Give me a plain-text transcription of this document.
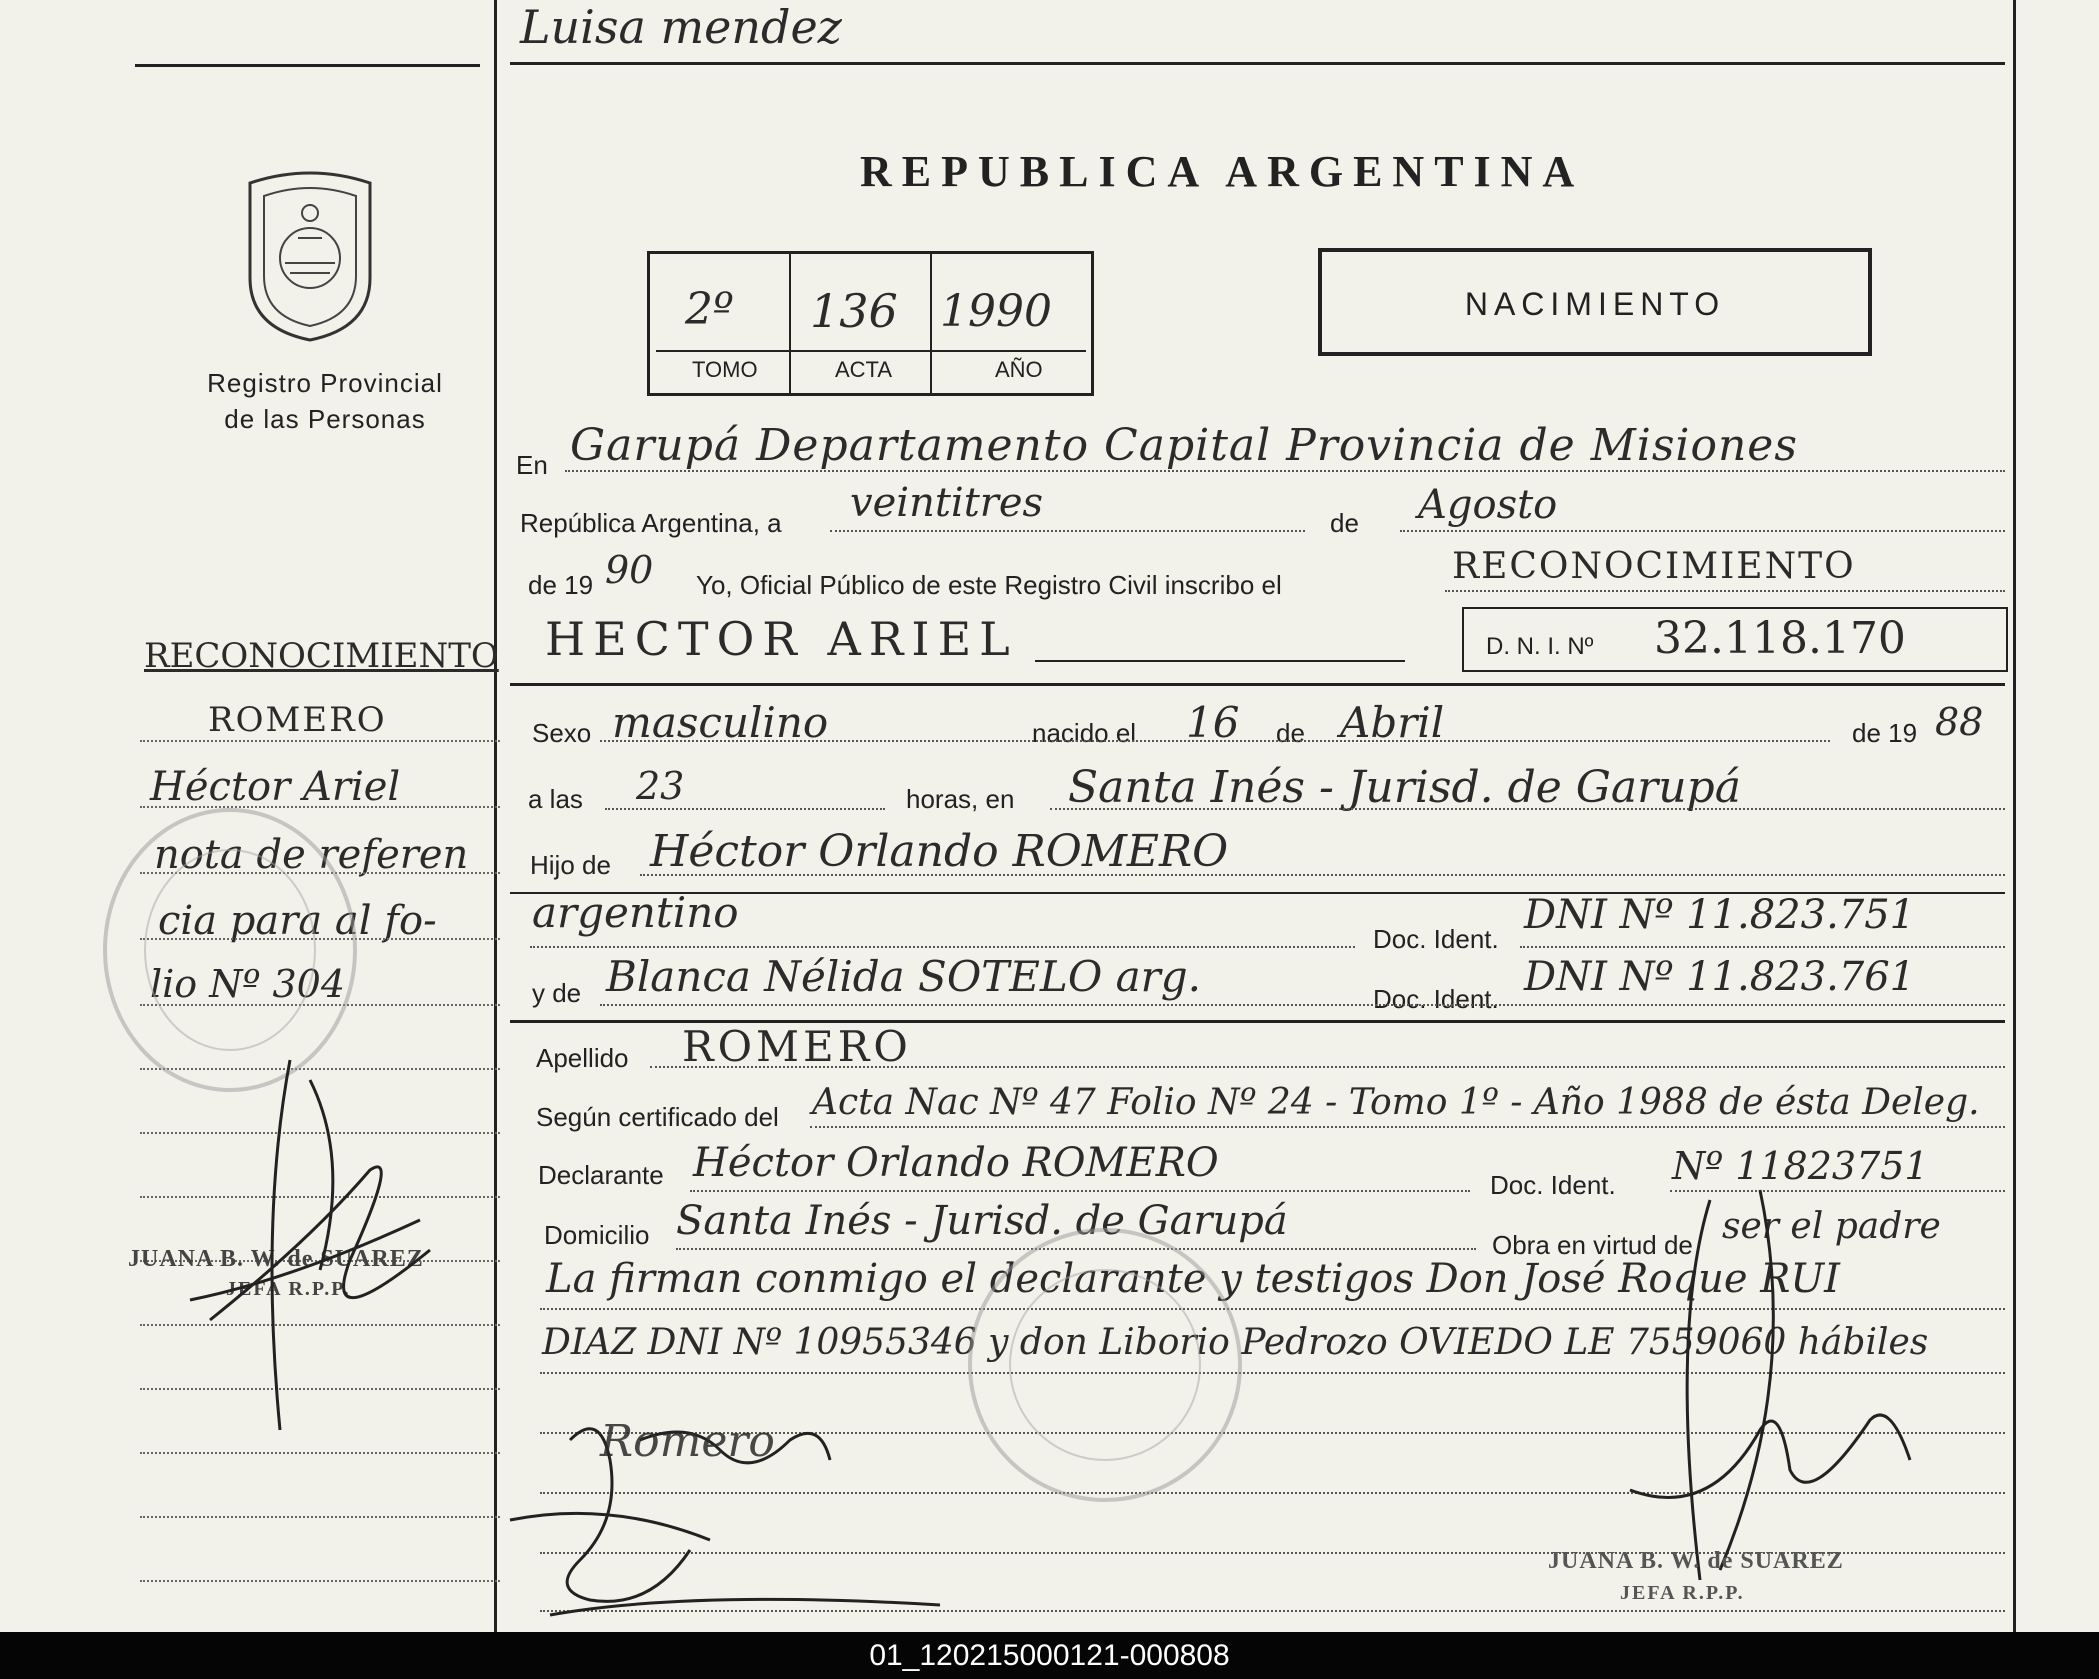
Luisa mendez
Registro Provincial
de las Personas
REPUBLICA ARGENTINA
2º 136 1990
TOMO	ACTA	AÑO
NACIMIENTO
En Garupá Departamento Capital Provincia de Misiones
República Argentina, a veintitres	de Agosto
de 19 90 Yo, Oficial Público de este Registro Civil inscribo el	RECONOCIMIENTO
HECTOR ARIEL	D. N. I. Nº 32.118.170
Sexo masculino	nacido el 16 de Abril	de 19 88
a las 23	horas, en Santa Inés - Jurisd. de Garupá
Hijo de Héctor Orlando ROMERO
argentino
Doc. Ident.
DNI Nº 11.823.751
y de Blanca Nélida SOTELO arg.	Doc. Ident. DNI Nº 11.823.761
Apellido ROMERO
Según certificado del Acta Nac Nº 47 Folio Nº 24 - Tomo 1º - Año 1988 de ésta Deleg.
Declarante Héctor Orlando ROMERO	Doc. Ident. Nº 11823751
Domicilio Santa Inés - Jurisd. de Garupá
Obra en virtud de ser el padre
La firman conmigo el declarante y testigos Don José Roque RUI
DIAZ DNI Nº 10955346 y don Liborio Pedrozo OVIEDO LE 7559060 hábiles
RECONOCIMIENTO
ROMERO
Héctor Ariel
nota de referen
cia para al fo-
lio Nº 304
JUANA B. W. de SUAREZ
JEFA R.P.P.
Romero
JUANA B. W. de SUAREZ
JEFA R.P.P.
01_120215000121-000808
